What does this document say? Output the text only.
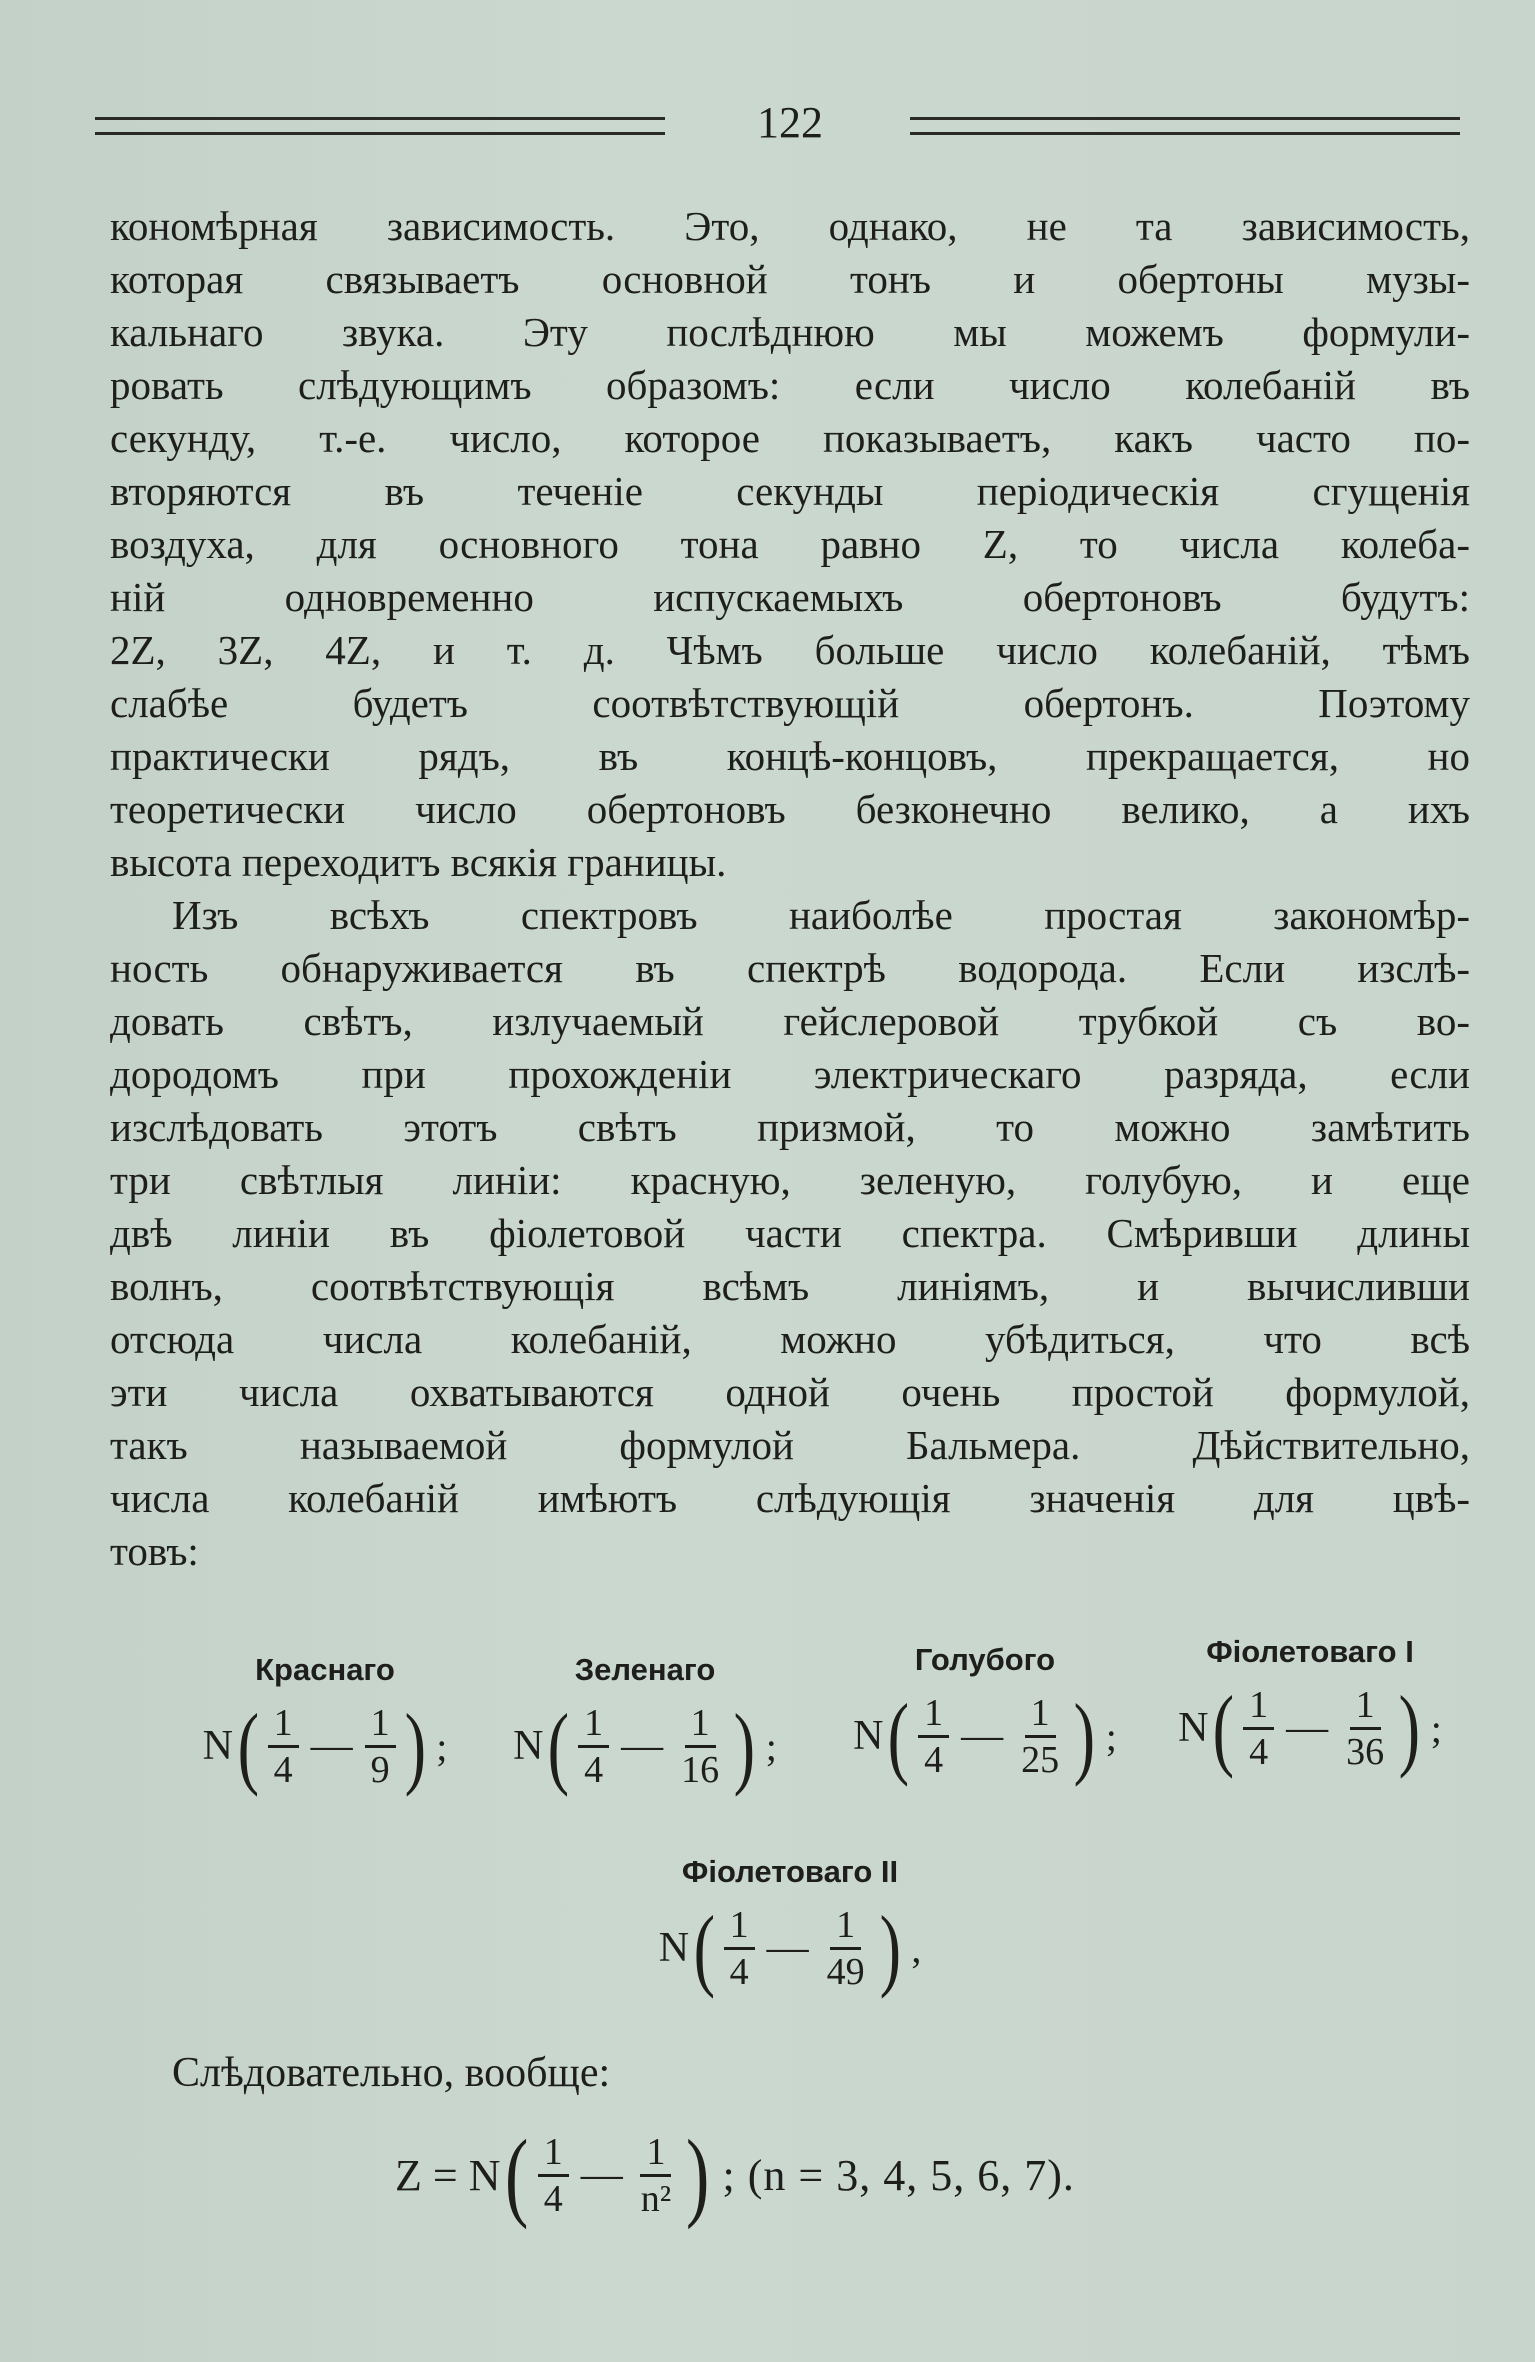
122
кономѣрная зависимость. Это, однако, не та зависимость,
которая связываетъ основной тонъ и обертоны музы-
кальнаго звука. Эту послѣднюю мы можемъ формули-
ровать слѣдующимъ образомъ: если число колебаній въ
секунду, т.-е. число, которое показываетъ, какъ часто по-
вторяются въ теченіе секунды періодическія сгущенія
воздуха, для основного тона равно Z, то числа колеба-
ній одновременно испускаемыхъ обертоновъ будутъ:
2Z, 3Z, 4Z, и т. д. Чѣмъ больше число колебаній, тѣмъ
слабѣе будетъ соотвѣтствующій обертонъ. Поэтому
практически рядъ, въ концѣ-концовъ, прекращается, но
теоретически число обертоновъ безконечно велико, а ихъ
высота переходитъ всякія границы.
Изъ всѣхъ спектровъ наиболѣе простая закономѣр-
ность обнаруживается въ спектрѣ водорода. Если изслѣ-
довать свѣтъ, излучаемый гейслеровой трубкой съ во-
дородомъ при прохожденіи электрическаго разряда, если
изслѣдовать этотъ свѣтъ призмой, то можно замѣтить
три свѣтлыя линіи: красную, зеленую, голубую, и еще
двѣ линіи въ фіолетовой части спектра. Смѣривши длины
волнъ, соотвѣтствующія всѣмъ линіямъ, и вычисливши
отсюда числа колебаній, можно убѣдиться, что всѣ
эти числа охватываются одной очень простой формулой,
такъ называемой формулой Бальмера. Дѣйствительно,
числа колебаній имѣютъ слѣдующія значенія для цвѣ-
товъ:
Краснаго
N ( $\frac{1}{4}$ — $\frac{1}{9}$ ) ;
Зеленаго
N ( $\frac{1}{4}$ — $\frac{1}{16}$ ) ;
Голубого
N ( $\frac{1}{4}$ — $\frac{1}{25}$ ) ;
Фіолетоваго I
N ( $\frac{1}{4}$ — $\frac{1}{36}$ ) ;
Фіолетоваго II
N ( $\frac{1}{4}$ — $\frac{1}{49}$ ) ,
Слѣдовательно, вообще:
Z = N ( $\frac{1}{4}$ — $\frac{1}{\text{n²}}$ ) ; (n = 3, 4, 5, 6, 7).
